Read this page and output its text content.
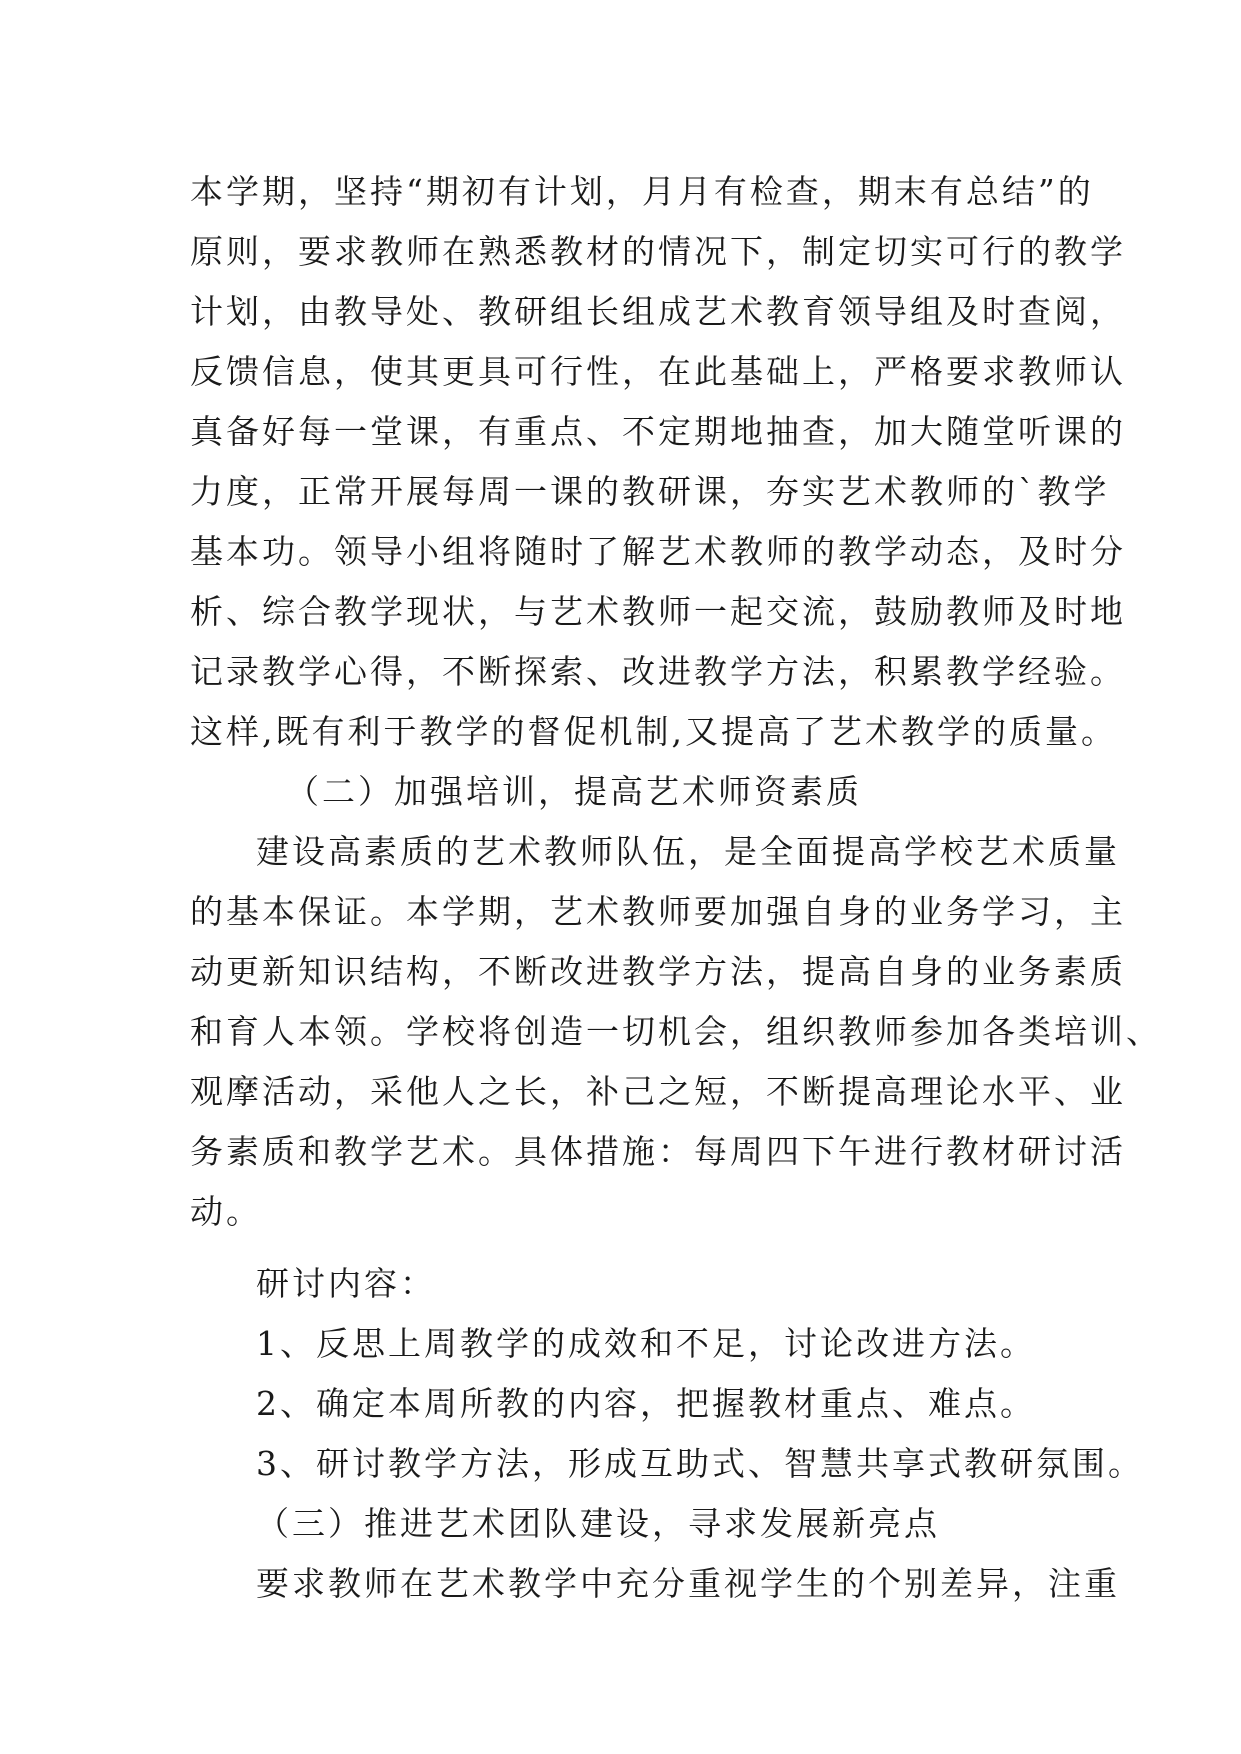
本学期，坚持“期初有计划，月月有检查，期末有总结”的

原则，要求教师在熟悉教材的情况下，制定切实可行的教学

计划，由教导处、教研组长组成艺术教育领导组及时查阅，

反馈信息，使其更具可行性，在此基础上，严格要求教师认

真备好每一堂课，有重点、不定期地抽查，加大随堂听课的

力度，正常开展每周一课的教研课，夯实艺术教师的`教学

基本功。领导小组将随时了解艺术教师的教学动态，及时分

析、综合教学现状，与艺术教师一起交流，鼓励教师及时地

记录教学心得，不断探索、改进教学方法，积累教学经验。

这样,既有利于教学的督促机制,又提高了艺术教学的质量。

（二）加强培训，提高艺术师资素质

建设高素质的艺术教师队伍，是全面提高学校艺术质量

的基本保证。本学期，艺术教师要加强自身的业务学习，主

动更新知识结构，不断改进教学方法，提高自身的业务素质

和育人本领。学校将创造一切机会，组织教师参加各类培训、

观摩活动，采他人之长，补己之短，不断提高理论水平、业

务素质和教学艺术。具体措施：每周四下午进行教材研讨活

动。

研讨内容：

1、反思上周教学的成效和不足，讨论改进方法。

2、确定本周所教的内容，把握教材重点、难点。

3、研讨教学方法，形成互助式、智慧共享式教研氛围。

（三）推进艺术团队建设，寻求发展新亮点

要求教师在艺术教学中充分重视学生的个别差异，注重
